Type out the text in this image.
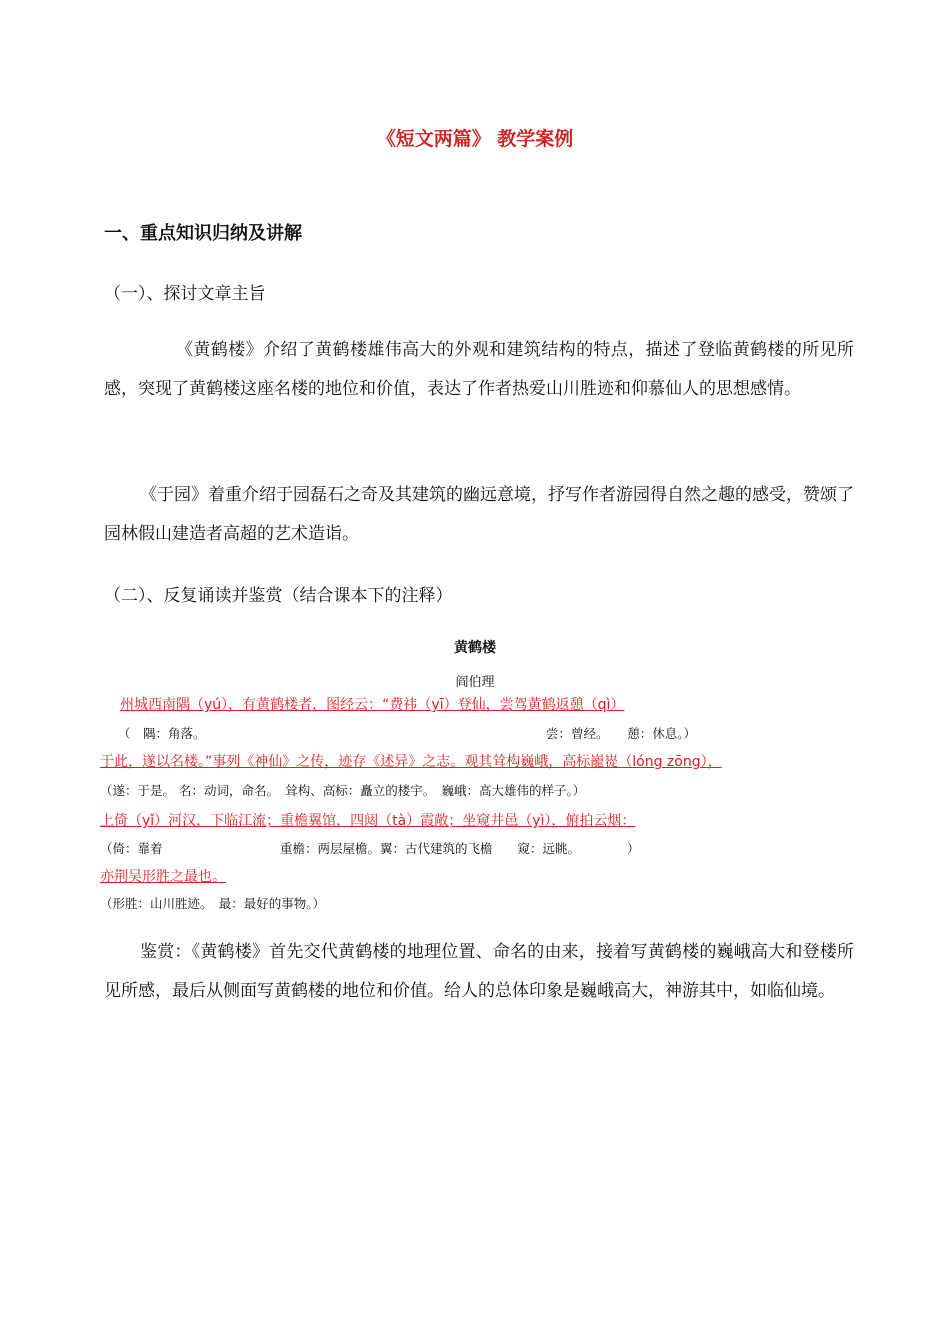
《短文两篇》 教学案例
一、重点知识归纳及讲解
（一）、探讨文章主旨
《黄鹤楼》介绍了黄鹤楼雄伟高大的外观和建筑结构的特点，描述了登临黄鹤楼的所见所感，突现了黄鹤楼这座名楼的地位和价值，表达了作者热爱山川胜迹和仰慕仙人的思想感情。
《于园》着重介绍于园磊石之奇及其建筑的幽远意境，抒写作者游园得自然之趣的感受，赞颂了园林假山建造者高超的艺术造诣。
（二）、反复诵读并鉴赏（结合课本下的注释）
黄鹤楼
阎伯理
州城西南隅（yú），有黄鹤楼者，图经云：“费祎（yī）登仙，尝驾黄鹤返憩（qì）
（　隅：角落。	尝：曾经。　　憩：休息。）
于此，遂以名楼。”事列《神仙》之传，迹存《述异》之志。观其耸构巍峨，高标巃嵸（lóng zōng），
（遂：于是。 名：动词，命名。　耸构、高标：矗立的楼宇。　巍峨：高大雄伟的样子。）
上倚（yǐ）河汉，下临江流；重檐翼馆，四闼（tà）霞敞；坐窥井邑（yì），俯拍云烟：
（倚：靠着	重檐：两层屋檐。翼：古代建筑的飞檐　　窥：远眺。	）
亦荆吴形胜之最也。
（形胜：山川胜迹。　最：最好的事物。）
鉴赏：《黄鹤楼》首先交代黄鹤楼的地理位置、命名的由来，接着写黄鹤楼的巍峨高大和登楼所见所感，最后从侧面写黄鹤楼的地位和价值。给人的总体印象是巍峨高大，神游其中，如临仙境。
